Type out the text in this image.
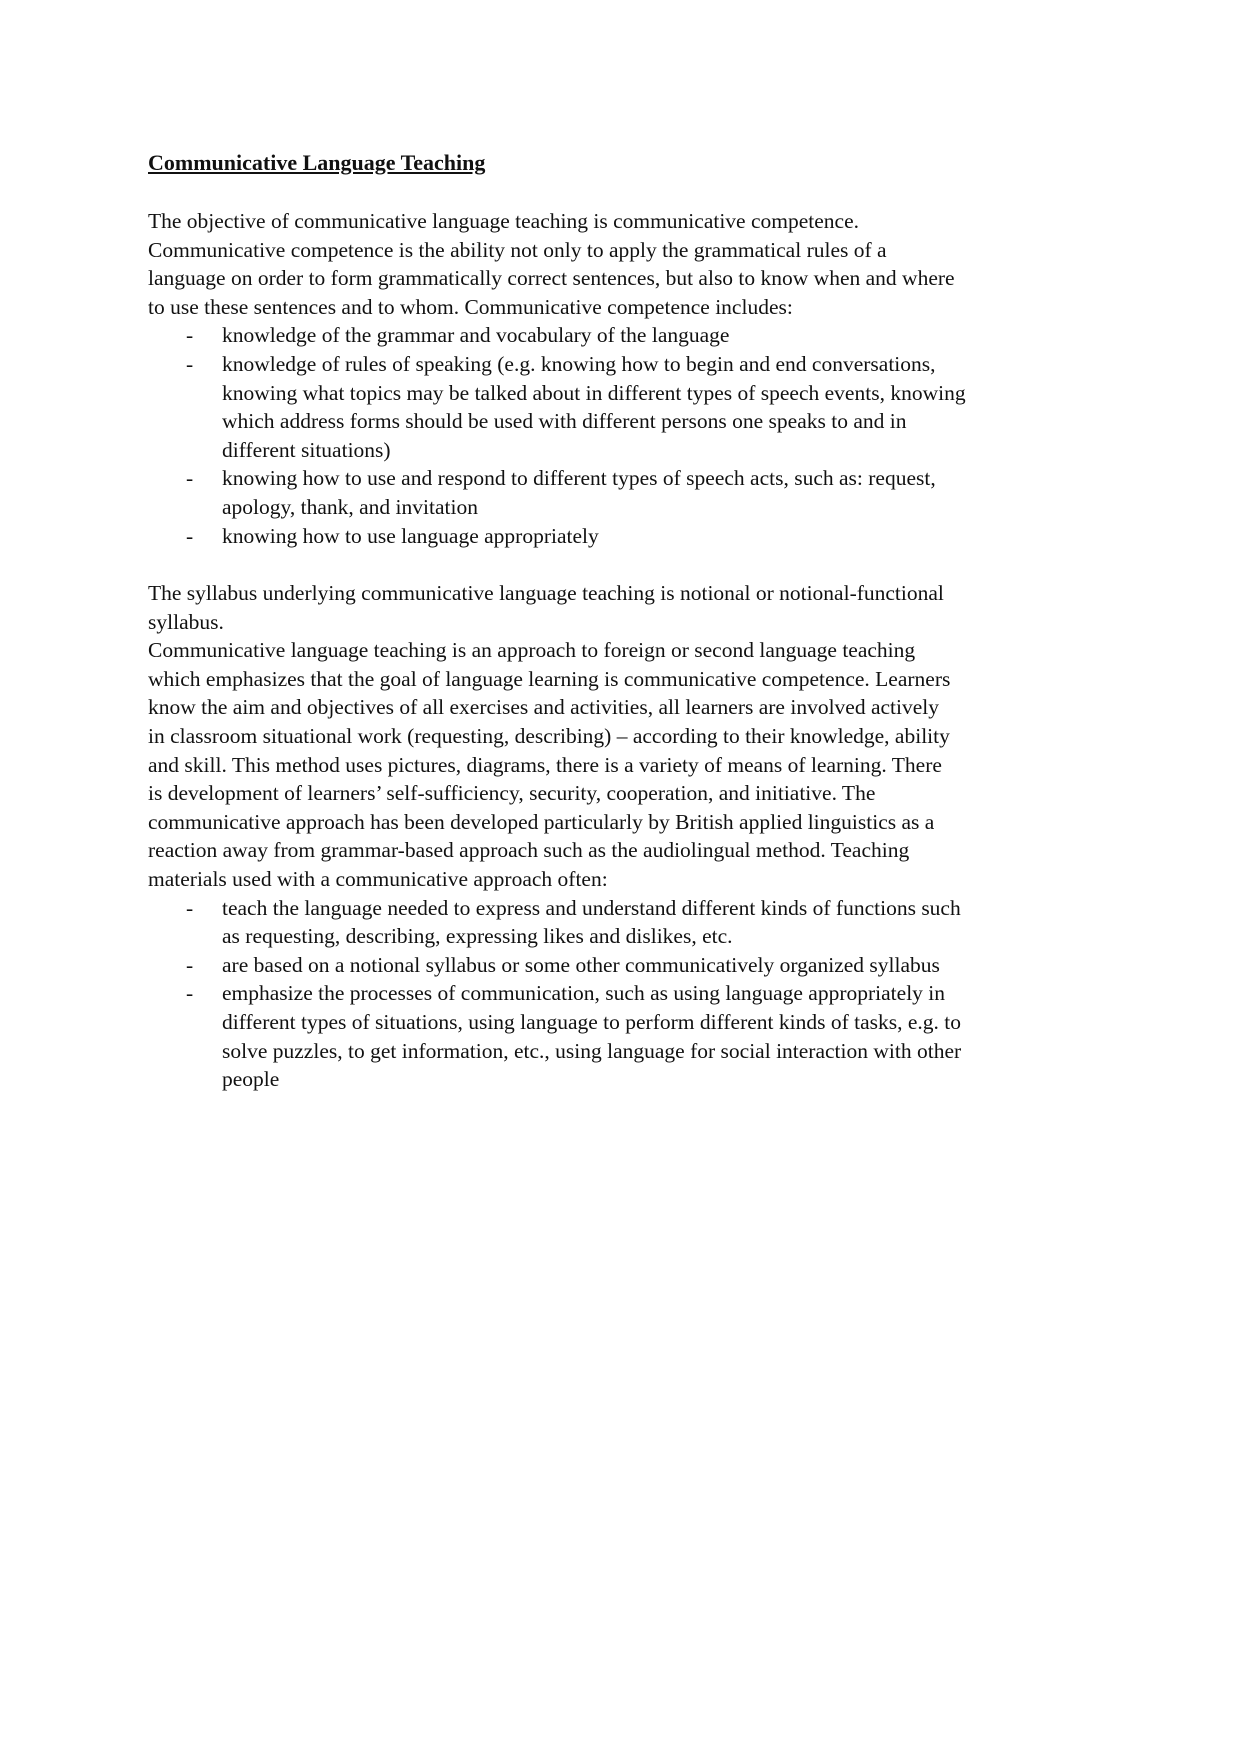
Communicative Language Teaching
The objective of communicative language teaching is communicative competence.
Communicative competence is the ability not only to apply the grammatical rules of a
language on order to form grammatically correct sentences, but also to know when and where
to use these sentences and to whom. Communicative competence includes:
- knowledge of the grammar and vocabulary of the language
- knowledge of rules of speaking (e.g. knowing how to begin and end conversations,
knowing what topics may be talked about in different types of speech events, knowing
which address forms should be used with different persons one speaks to and in
different situations)
- knowing how to use and respond to different types of speech acts, such as: request,
apology, thank, and invitation
- knowing how to use language appropriately
The syllabus underlying communicative language teaching is notional or notional-functional
syllabus.
Communicative language teaching is an approach to foreign or second language teaching
which emphasizes that the goal of language learning is communicative competence. Learners
know the aim and objectives of all exercises and activities, all learners are involved actively
in classroom situational work (requesting, describing) – according to their knowledge, ability
and skill. This method uses pictures, diagrams, there is a variety of means of learning. There
is development of learners’ self-sufficiency, security, cooperation, and initiative. The
communicative approach has been developed particularly by British applied linguistics as a
reaction away from grammar-based approach such as the audiolingual method. Teaching
materials used with a communicative approach often:
- teach the language needed to express and understand different kinds of functions such
as requesting, describing, expressing likes and dislikes, etc.
- are based on a notional syllabus or some other communicatively organized syllabus
- emphasize the processes of communication, such as using language appropriately in
different types of situations, using language to perform different kinds of tasks, e.g. to
solve puzzles, to get information, etc., using language for social interaction with other
people
